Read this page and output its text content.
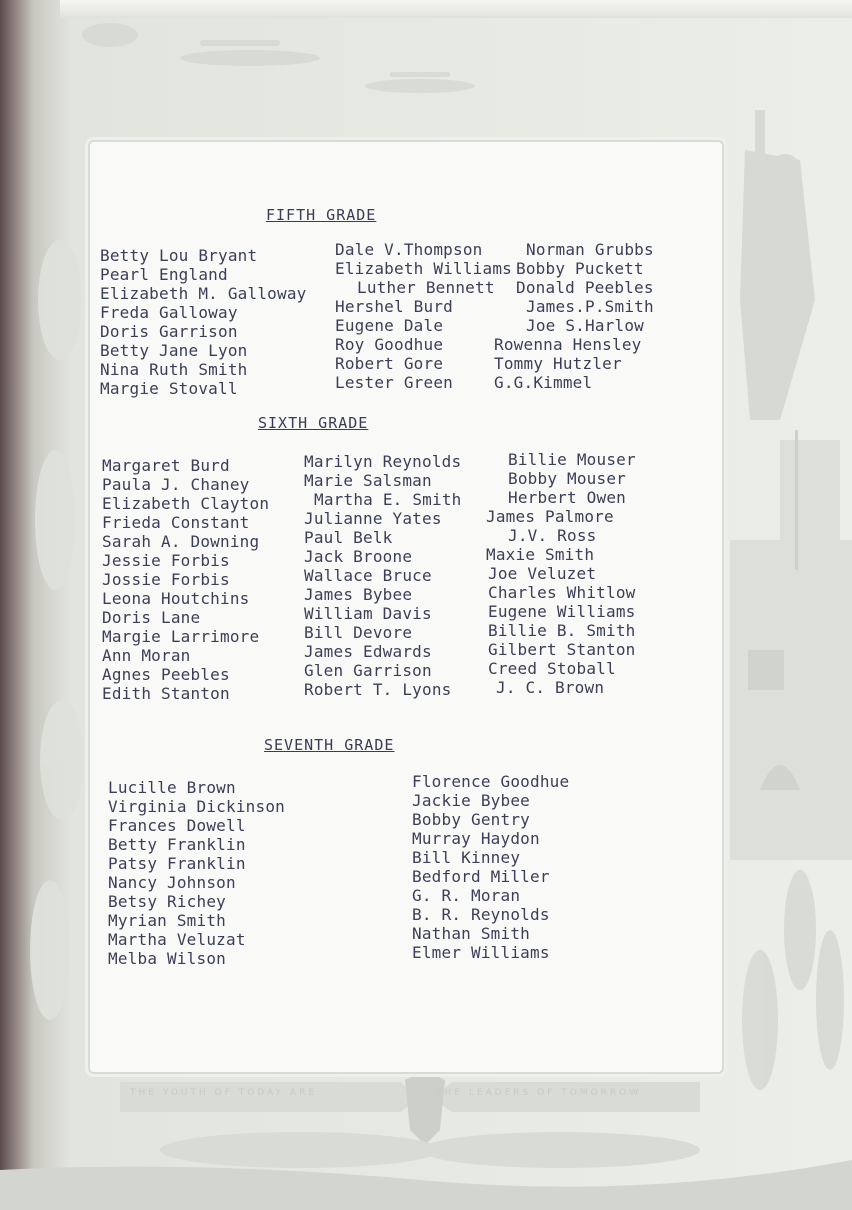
FIFTH GRADE
Betty Lou Bryant
Pearl England
Elizabeth M. Galloway
Freda Galloway
Doris Garrison
Betty Jane Lyon
Nina Ruth Smith
Margie Stovall
Dale V.Thompson
Elizabeth Williams
Luther Bennett
Hershel Burd
Eugene Dale
Roy Goodhue
Robert Gore
Lester Green
Norman Grubbs
Bobby Puckett
Donald Peebles
James.P.Smith
Joe S.Harlow
Rowenna Hensley
Tommy Hutzler
G.G.Kimmel
SIXTH GRADE
Margaret Burd
Paula J. Chaney
Elizabeth Clayton
Frieda Constant
Sarah A. Downing
Jessie Forbis
Jossie Forbis
Leona Houtchins
Doris Lane
Margie Larrimore
Ann Moran
Agnes Peebles
Edith Stanton
Marilyn Reynolds
Marie Salsman
Martha E. Smith
Julianne Yates
Paul Belk
Jack Broone
Wallace Bruce
James Bybee
William Davis
Bill Devore
James Edwards
Glen Garrison
Robert T. Lyons
Billie Mouser
Bobby Mouser
Herbert Owen
James Palmore
J.V. Ross
Maxie Smith
Joe Veluzet
Charles Whitlow
Eugene Williams
Billie B. Smith
Gilbert Stanton
Creed Stoball
J. C. Brown
SEVENTH GRADE
Lucille Brown
Virginia Dickinson
Frances Dowell
Betty Franklin
Patsy Franklin
Nancy Johnson
Betsy Richey
Myrian Smith
Martha Veluzat
Melba Wilson
Florence Goodhue
Jackie Bybee
Bobby Gentry
Murray Haydon
Bill Kinney
Bedford Miller
G. R. Moran
B. R. Reynolds
Nathan Smith
Elmer Williams
THE YOUTH OF TODAY ARE	THE LEADERS OF TOMORROW
